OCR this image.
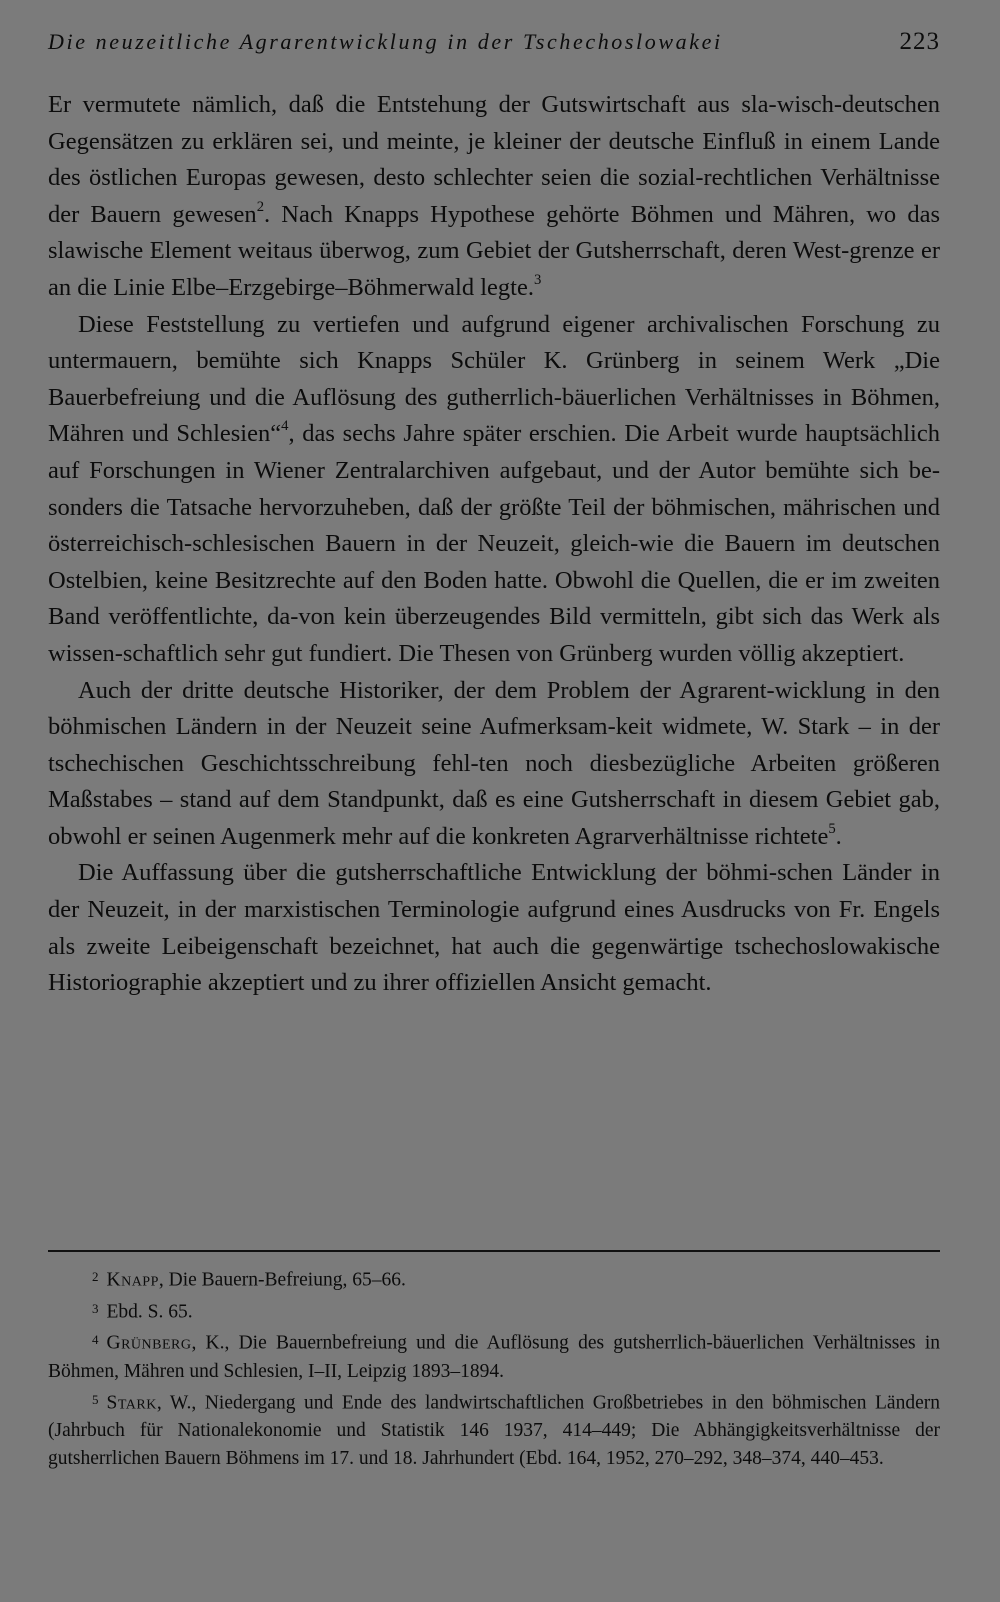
Die neuzeitliche Agrarentwicklung in der Tschechoslowakei	223

Er vermutete nämlich, daß die Entstehung der Gutswirtschaft aus sla-wisch-deutschen Gegensätzen zu erklären sei, und meinte, je kleiner der deutsche Einfluß in einem Lande des östlichen Europas gewesen, desto schlechter seien die sozial-rechtlichen Verhältnisse der Bauern gewesen$^2$. Nach Knapps Hypothese gehörte Böhmen und Mähren, wo das slawische Element weitaus überwog, zum Gebiet der Gutsherrschaft, deren West-grenze er an die Linie Elbe–Erzgebirge–Böhmerwald legte.$^3$

Diese Feststellung zu vertiefen und aufgrund eigener archivalischen Forschung zu untermauern, bemühte sich Knapps Schüler K. Grünberg in seinem Werk „Die Bauerbefreiung und die Auflösung des gutherrlich-bäuerlichen Verhältnisses in Böhmen, Mähren und Schlesien“$^4$, das sechs Jahre später erschien. Die Arbeit wurde hauptsächlich auf Forschungen in Wiener Zentralarchiven aufgebaut, und der Autor bemühte sich be-sonders die Tatsache hervorzuheben, daß der größte Teil der böhmischen, mährischen und österreichisch-schlesischen Bauern in der Neuzeit, gleich-wie die Bauern im deutschen Ostelbien, keine Besitzrechte auf den Boden hatte. Obwohl die Quellen, die er im zweiten Band veröffentlichte, da-von kein überzeugendes Bild vermitteln, gibt sich das Werk als wissen-schaftlich sehr gut fundiert. Die Thesen von Grünberg wurden völlig akzeptiert.

Auch der dritte deutsche Historiker, der dem Problem der Agrarent-wicklung in den böhmischen Ländern in der Neuzeit seine Aufmerksam-keit widmete, W. Stark – in der tschechischen Geschichtsschreibung fehl-ten noch diesbezügliche Arbeiten größeren Maßstabes – stand auf dem Standpunkt, daß es eine Gutsherrschaft in diesem Gebiet gab, obwohl er seinen Augenmerk mehr auf die konkreten Agrarverhältnisse richtete$^5$.

Die Auffassung über die gutsherrschaftliche Entwicklung der böhmi-schen Länder in der Neuzeit, in der marxistischen Terminologie aufgrund eines Ausdrucks von Fr. Engels als zweite Leibeigenschaft bezeichnet, hat auch die gegenwärtige tschechoslowakische Historiographie akzeptiert und zu ihrer offiziellen Ansicht gemacht.

$^2$ Knapp, Die Bauern-Befreiung, 65–66.
$^3$ Ebd. S. 65.
$^4$ Grünberg, K., Die Bauernbefreiung und die Auflösung des gutsherrlich-bäuerlichen Verhältnisses in Böhmen, Mähren und Schlesien, I–II, Leipzig 1893–1894.
$^5$ Stark, W., Niedergang und Ende des landwirtschaftlichen Großbetriebes in den böhmischen Ländern (Jahrbuch für Nationalekonomie und Statistik 146 1937, 414–449; Die Abhängigkeitsverhältnisse der gutsherrlichen Bauern Böhmens im 17. und 18. Jahrhundert (Ebd. 164, 1952, 270–292, 348–374, 440–453.
